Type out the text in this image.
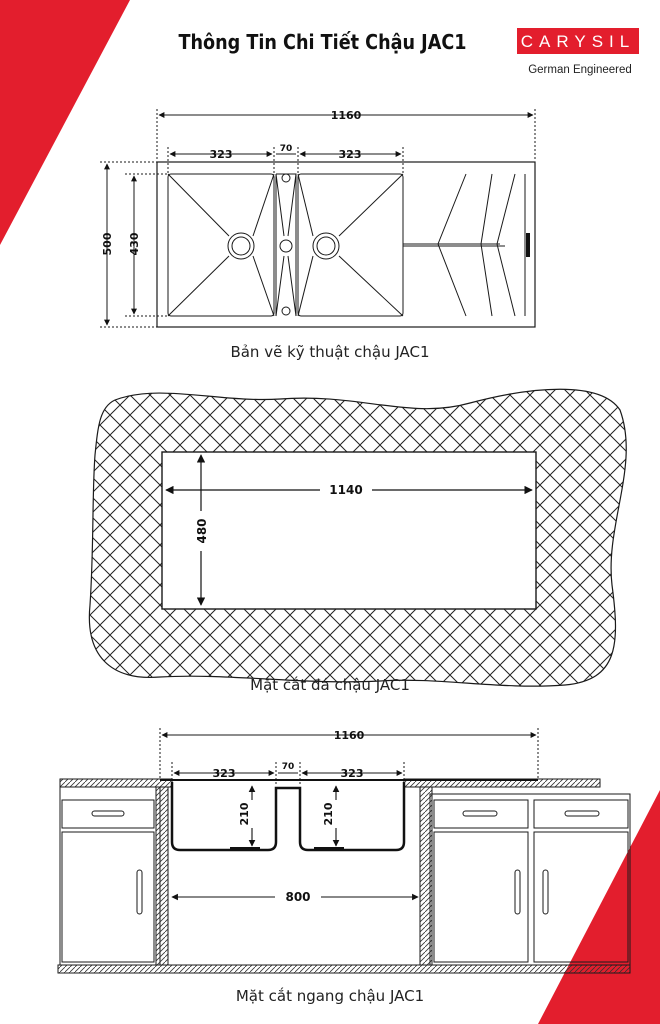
Thông Tin Chi Tiết Chậu JAC1	CARYSIL
German Engineered
1160
323	70	323
500 430
Bản vẽ kỹ thuật chậu JAC1
1140
480
Mặt cắt đá chậu JAC1
1160
323	70	323
210	210
800
Mặt cắt ngang chậu JAC1
